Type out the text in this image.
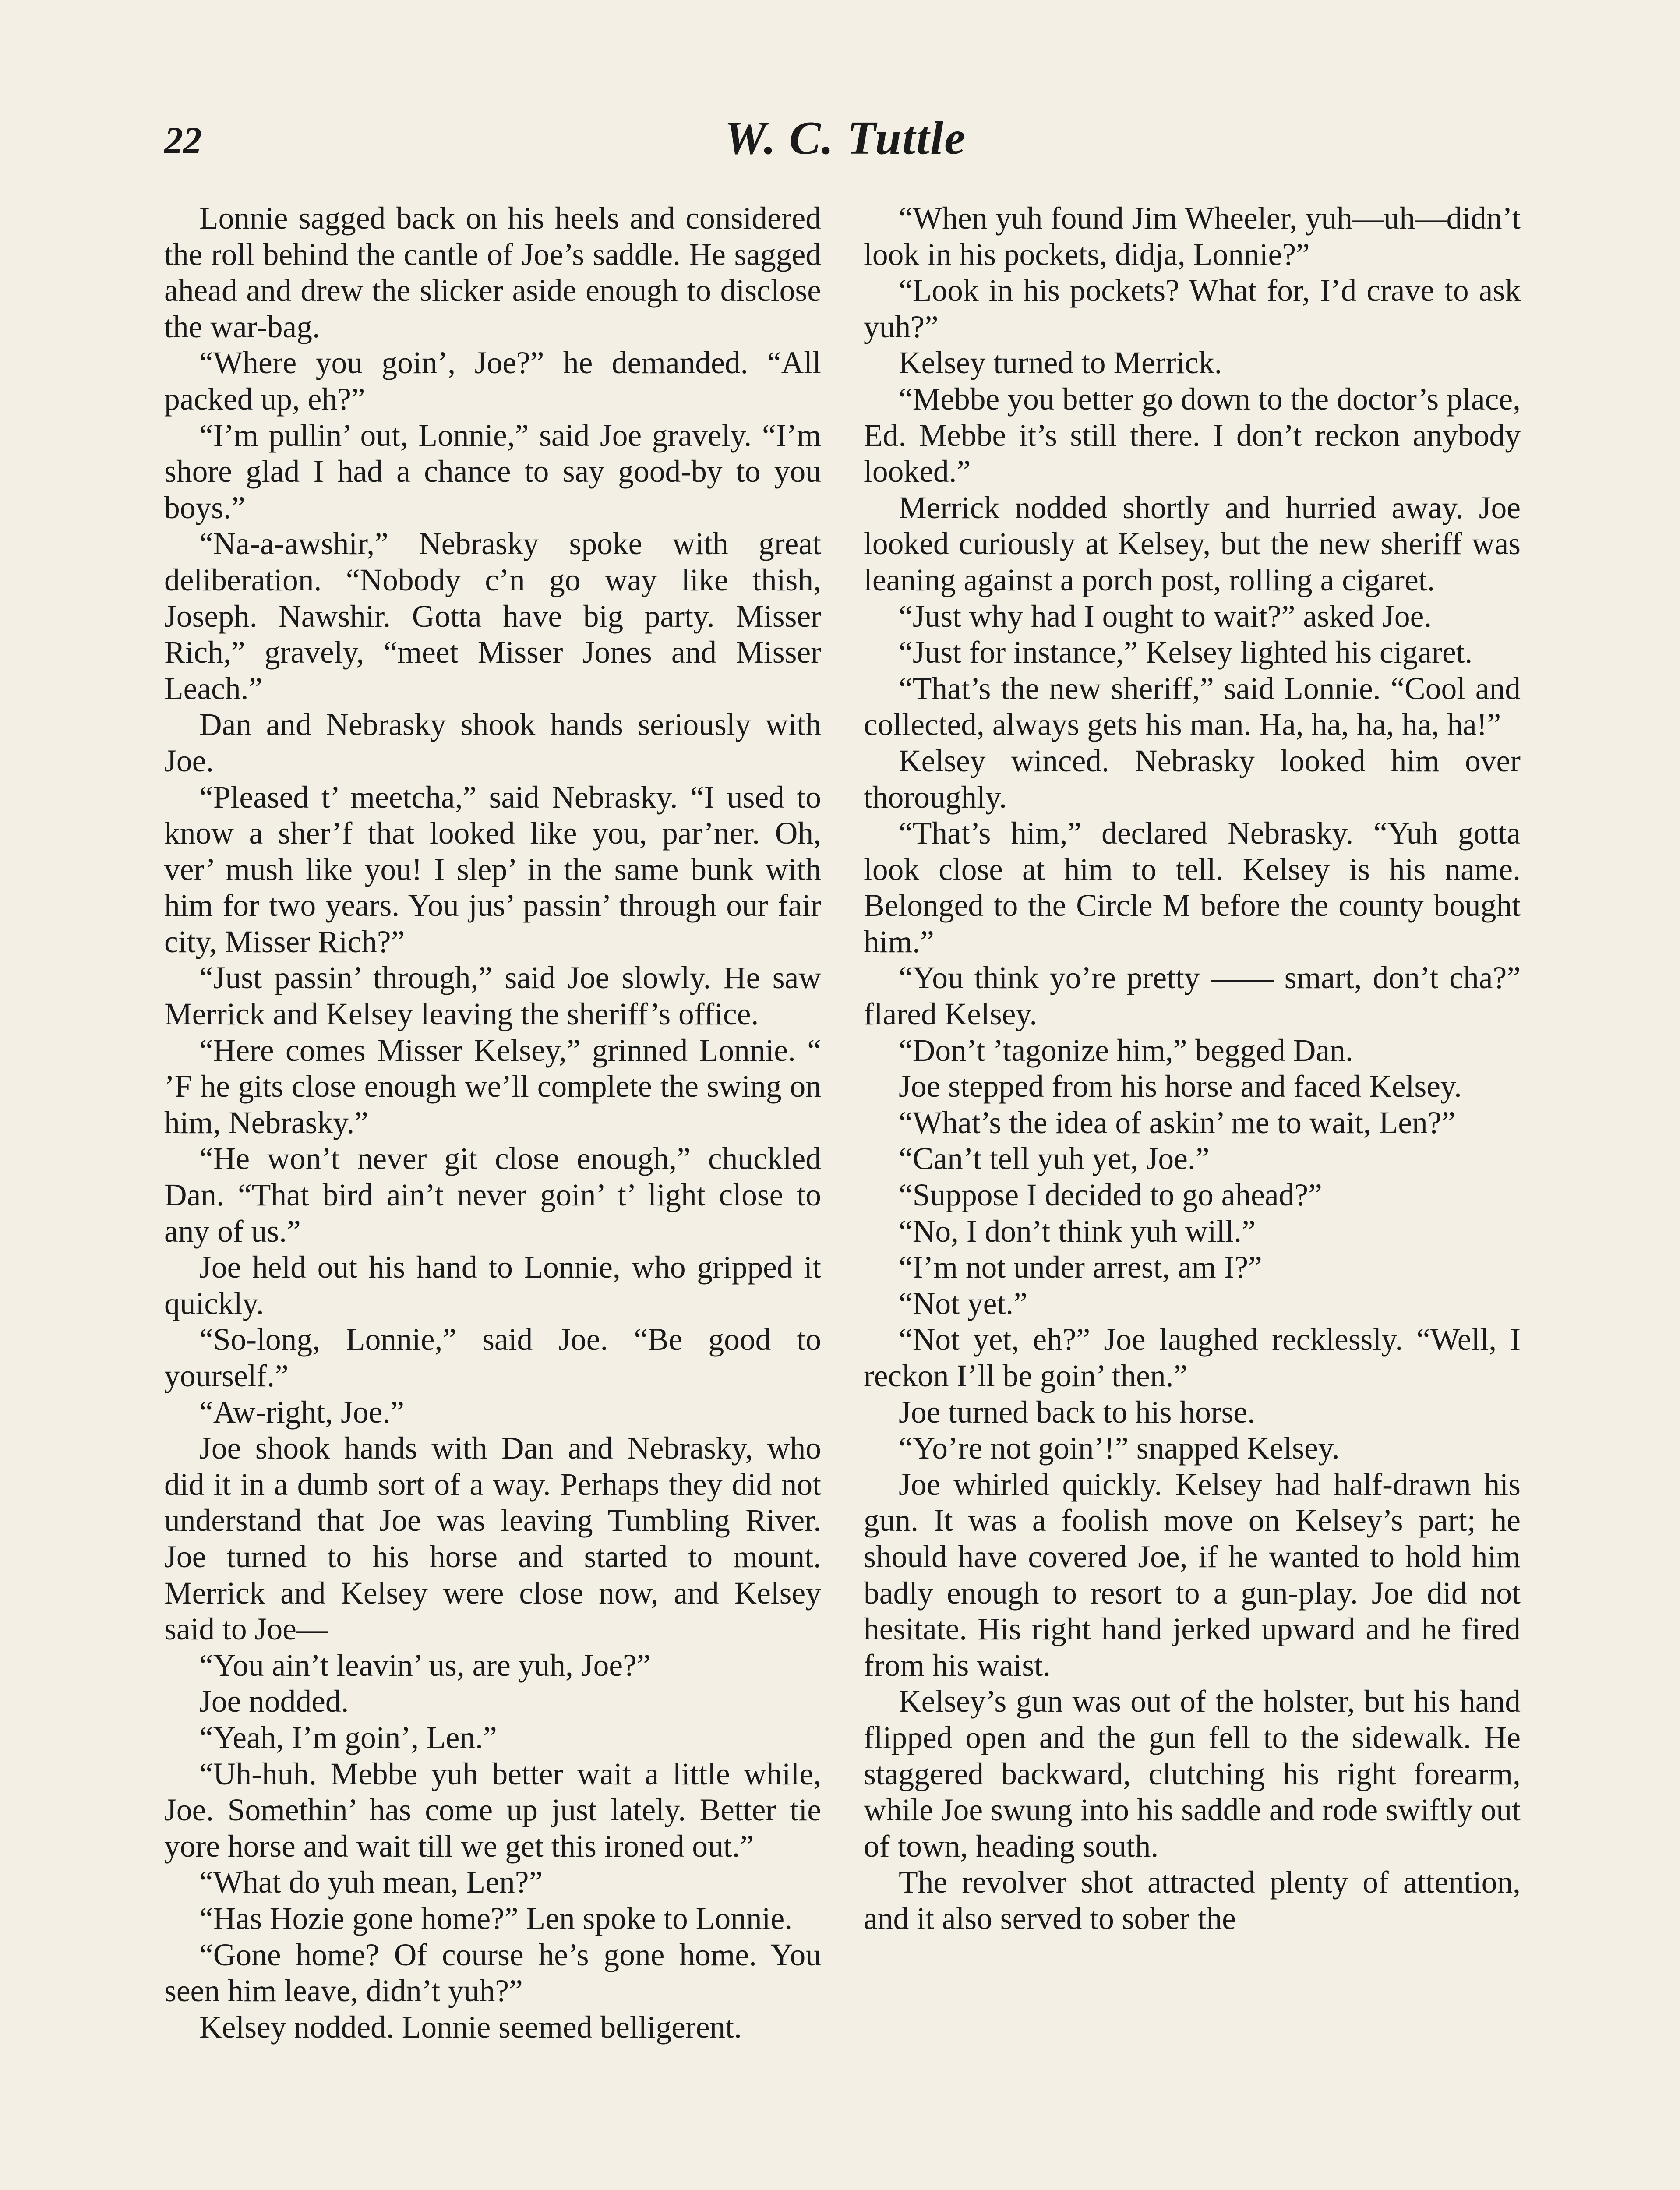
22	W. C. Tuttle

Lonnie sagged back on his heels and considered the roll behind the cantle of Joe’s saddle. He sagged ahead and drew the slicker aside enough to disclose the war-bag.

“Where you goin’, Joe?” he demanded. “All packed up, eh?”

“I’m pullin’ out, Lonnie,” said Joe gravely. “I’m shore glad I had a chance to say good-by to you boys.”

“Na-a-awshir,” Nebrasky spoke with great deliberation. “Nobody c’n go way like thish, Joseph. Nawshir. Gotta have big party. Misser Rich,” gravely, “meet Misser Jones and Misser Leach.”

Dan and Nebrasky shook hands seriously with Joe.

“Pleased t’ meetcha,” said Nebrasky. “I used to know a sher’f that looked like you, par’ner. Oh, ver’ mush like you! I slep’ in the same bunk with him for two years. You jus’ passin’ through our fair city, Misser Rich?”

“Just passin’ through,” said Joe slowly. He saw Merrick and Kelsey leaving the sheriff’s office.

“Here comes Misser Kelsey,” grinned Lonnie. “ ’F he gits close enough we’ll complete the swing on him, Nebrasky.”

“He won’t never git close enough,” chuckled Dan. “That bird ain’t never goin’ t’ light close to any of us.”

Joe held out his hand to Lonnie, who gripped it quickly.

“So-long, Lonnie,” said Joe. “Be good to yourself.”

“Aw-right, Joe.”

Joe shook hands with Dan and Nebrasky, who did it in a dumb sort of a way. Perhaps they did not understand that Joe was leaving Tumbling River. Joe turned to his horse and started to mount. Merrick and Kelsey were close now, and Kelsey said to Joe—

“You ain’t leavin’ us, are yuh, Joe?”

Joe nodded.

“Yeah, I’m goin’, Len.”

“Uh-huh. Mebbe yuh better wait a little while, Joe. Somethin’ has come up just lately. Better tie yore horse and wait till we get this ironed out.”

“What do yuh mean, Len?”

“Has Hozie gone home?” Len spoke to Lonnie.

“Gone home? Of course he’s gone home. You seen him leave, didn’t yuh?”

Kelsey nodded. Lonnie seemed belligerent.

“When yuh found Jim Wheeler, yuh—uh—didn’t look in his pockets, didja, Lonnie?”

“Look in his pockets? What for, I’d crave to ask yuh?”

Kelsey turned to Merrick.

“Mebbe you better go down to the doctor’s place, Ed. Mebbe it’s still there. I don’t reckon anybody looked.”

Merrick nodded shortly and hurried away. Joe looked curiously at Kelsey, but the new sheriff was leaning against a porch post, rolling a cigaret.

“Just why had I ought to wait?” asked Joe.

“Just for instance,” Kelsey lighted his cigaret.

“That’s the new sheriff,” said Lonnie. “Cool and collected, always gets his man. Ha, ha, ha, ha, ha!”

Kelsey winced. Nebrasky looked him over thoroughly.

“That’s him,” declared Nebrasky. “Yuh gotta look close at him to tell. Kelsey is his name. Belonged to the Circle M before the county bought him.”

“You think yo’re pretty —— smart, don’t cha?” flared Kelsey.

“Don’t ’tagonize him,” begged Dan.

Joe stepped from his horse and faced Kelsey.

“What’s the idea of askin’ me to wait, Len?”

“Can’t tell yuh yet, Joe.”

“Suppose I decided to go ahead?”

“No, I don’t think yuh will.”

“I’m not under arrest, am I?”

“Not yet.”

“Not yet, eh?” Joe laughed recklessly. “Well, I reckon I’ll be goin’ then.”

Joe turned back to his horse.

“Yo’re not goin’!” snapped Kelsey.

Joe whirled quickly. Kelsey had half-drawn his gun. It was a foolish move on Kelsey’s part; he should have covered Joe, if he wanted to hold him badly enough to resort to a gun-play. Joe did not hesitate. His right hand jerked upward and he fired from his waist.

Kelsey’s gun was out of the holster, but his hand flipped open and the gun fell to the sidewalk. He staggered backward, clutching his right forearm, while Joe swung into his saddle and rode swiftly out of town, heading south.

The revolver shot attracted plenty of attention, and it also served to sober the
